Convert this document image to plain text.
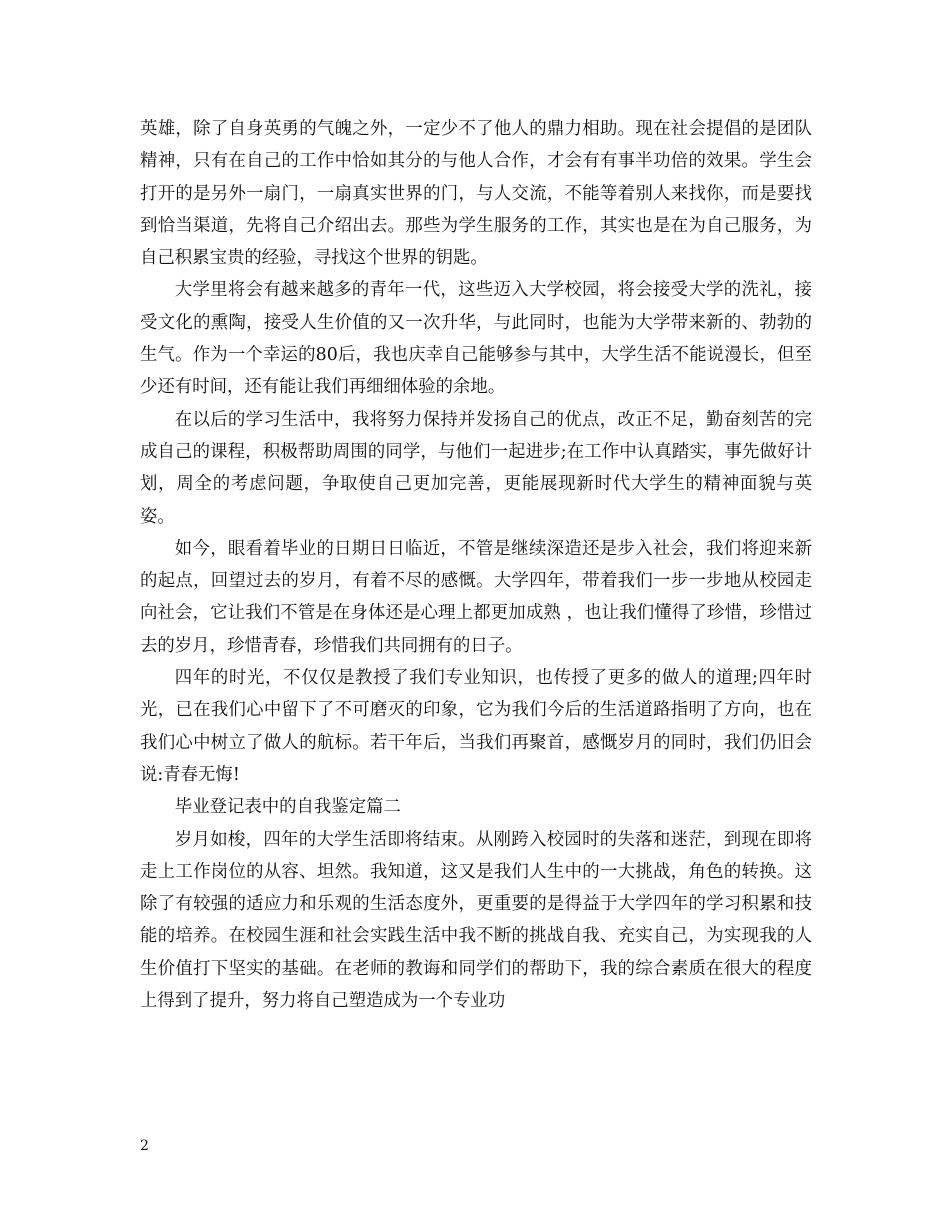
英雄，除了自身英勇的气魄之外，一定少不了他人的鼎力相助。现在社会提倡的是团队精神，只有在自己的工作中恰如其分的与他人合作，才会有有事半功倍的效果。学生会打开的是另外一扇门，一扇真实世界的门，与人交流，不能等着别人来找你，而是要找到恰当渠道，先将自己介绍出去。那些为学生服务的工作，其实也是在为自己服务，为自己积累宝贵的经验，寻找这个世界的钥匙。

大学里将会有越来越多的青年一代，这些迈入大学校园，将会接受大学的洗礼，接受文化的熏陶，接受人生价值的又一次升华，与此同时，也能为大学带来新的、勃勃的生气。作为一个幸运的80后，我也庆幸自己能够参与其中，大学生活不能说漫长，但至少还有时间，还有能让我们再细细体验的余地。

在以后的学习生活中，我将努力保持并发扬自己的优点，改正不足，勤奋刻苦的完成自己的课程，积极帮助周围的同学，与他们一起进步;在工作中认真踏实，事先做好计划，周全的考虑问题，争取使自己更加完善，更能展现新时代大学生的精神面貌与英姿。

如今，眼看着毕业的日期日日临近，不管是继续深造还是步入社会，我们将迎来新的起点，回望过去的岁月，有着不尽的感慨。大学四年，带着我们一步一步地从校园走向社会，它让我们不管是在身体还是心理上都更加成熟 ，也让我们懂得了珍惜，珍惜过去的岁月，珍惜青春，珍惜我们共同拥有的日子。

四年的时光，不仅仅是教授了我们专业知识，也传授了更多的做人的道理;四年时光，已在我们心中留下了不可磨灭的印象，它为我们今后的生活道路指明了方向，也在我们心中树立了做人的航标。若干年后，当我们再聚首，感慨岁月的同时，我们仍旧会说:青春无悔!

毕业登记表中的自我鉴定篇二

岁月如梭，四年的大学生活即将结束。从刚跨入校园时的失落和迷茫，到现在即将走上工作岗位的从容、坦然。我知道，这又是我们人生中的一大挑战，角色的转换。这除了有较强的适应力和乐观的生活态度外，更重要的是得益于大学四年的学习积累和技能的培养。在校园生涯和社会实践生活中我不断的挑战自我、充实自己，为实现我的人生价值打下坚实的基础。在老师的教诲和同学们的帮助下，我的综合素质在很大的程度上得到了提升，努力将自己塑造成为一个专业功

2
